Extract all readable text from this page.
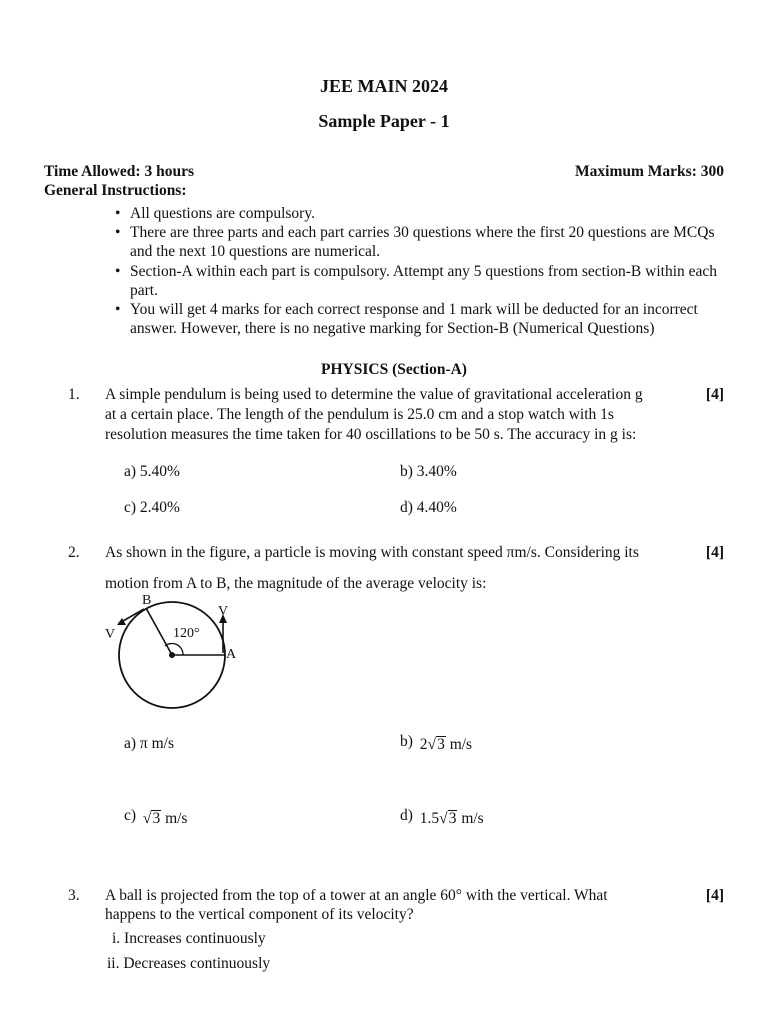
JEE MAIN 2024
Sample Paper - 1
Time Allowed: 3 hours	Maximum Marks: 300
General Instructions:
• All questions are compulsory.
• There are three parts and each part carries 30 questions where the first 20 questions are MCQs and the next 10 questions are numerical.
• Section-A within each part is compulsory. Attempt any 5 questions from section-B within each part.
• You will get 4 marks for each correct response and 1 mark will be deducted for an incorrect answer. However, there is no negative marking for Section-B (Numerical Questions)
PHYSICS (Section-A)
1. A simple pendulum is being used to determine the value of gravitational acceleration g
at a certain place. The length of the pendulum is 25.0 cm and a stop watch with 1s
resolution measures the time taken for 40 oscillations to be 50 s. The accuracy in g is:
[4]
a) 5.40%	b) 3.40%
c) 2.40%	d) 4.40%
2. As shown in the figure, a particle is moving with constant speed πm/s. Considering its
motion from A to B, the magnitude of the average velocity is:
[4]
B
A
V
V	120°
a) π m/s	b) 2√3 m/s
c) √3 m/s	d) 1.5√3 m/s
3. A ball is projected from the top of a tower at an angle 60° with the vertical. What
happens to the vertical component of its velocity?
[4]
i. Increases continuously
ii. Decreases continuously
